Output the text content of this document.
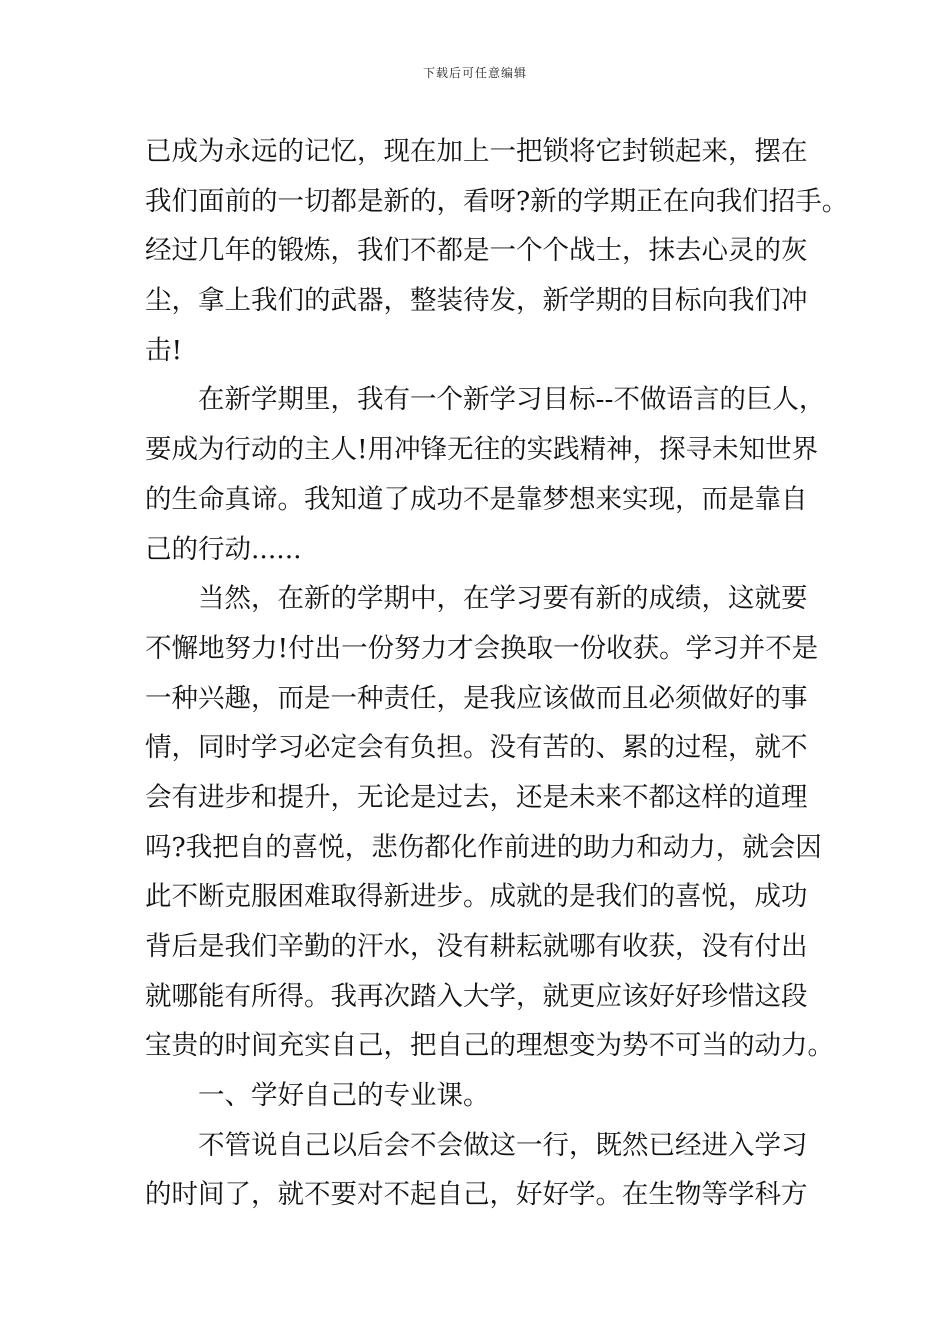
下载后可任意编辑
已成为永远的记忆，现在加上一把锁将它封锁起来，摆在
我们面前的一切都是新的，看呀?新的学期正在向我们招手。
经过几年的锻炼，我们不都是一个个战士，抹去心灵的灰
尘，拿上我们的武器，整装待发，新学期的目标向我们冲
击!
在新学期里，我有一个新学习目标--不做语言的巨人，
要成为行动的主人!用冲锋无往的实践精神，探寻未知世界
的生命真谛。我知道了成功不是靠梦想来实现，而是靠自
己的行动......
当然，在新的学期中，在学习要有新的成绩，这就要
不懈地努力!付出一份努力才会换取一份收获。学习并不是
一种兴趣，而是一种责任，是我应该做而且必须做好的事
情，同时学习必定会有负担。没有苦的、累的过程，就不
会有进步和提升，无论是过去，还是未来不都这样的道理
吗?我把自的喜悦，悲伤都化作前进的助力和动力，就会因
此不断克服困难取得新进步。成就的是我们的喜悦，成功
背后是我们辛勤的汗水，没有耕耘就哪有收获，没有付出
就哪能有所得。我再次踏入大学，就更应该好好珍惜这段
宝贵的时间充实自己，把自己的理想变为势不可当的动力。
一、学好自己的专业课。
不管说自己以后会不会做这一行，既然已经进入学习
的时间了，就不要对不起自己，好好学。在生物等学科方
